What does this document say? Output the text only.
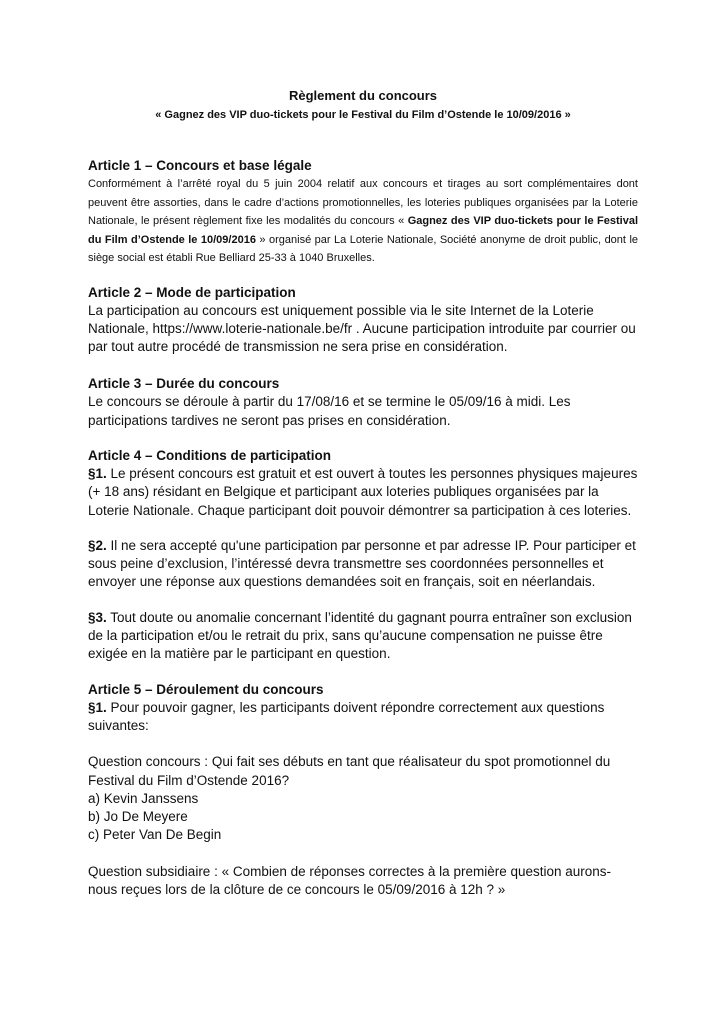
Règlement du concours

« Gagnez des VIP duo-tickets pour le Festival du Film d’Ostende le 10/09/2016 »

Article 1 – Concours et base légale

Conformément à l’arrêté royal du 5 juin 2004 relatif aux concours et tirages au sort complémentaires dont peuvent être assorties, dans le cadre d’actions promotionnelles, les loteries publiques organisées par la Loterie Nationale, le présent règlement fixe les modalités du concours « Gagnez des VIP duo-tickets pour le Festival du Film d’Ostende le 10/09/2016 » organisé par La Loterie Nationale, Société anonyme de droit public, dont le siège social est établi Rue Belliard 25-33 à 1040 Bruxelles.

Article 2 – Mode de participation

La participation au concours est uniquement possible via le site Internet de la Loterie Nationale, https://www.loterie-nationale.be/fr . Aucune participation introduite par courrier ou par tout autre procédé de transmission ne sera prise en considération.

Article 3 – Durée du concours

Le concours se déroule à partir du 17/08/16 et se termine le 05/09/16 à midi. Les participations tardives ne seront pas prises en considération.

Article 4 – Conditions de participation

§1. Le présent concours est gratuit et est ouvert à toutes les personnes physiques majeures (+ 18 ans) résidant en Belgique et participant aux loteries publiques organisées par la Loterie Nationale. Chaque participant doit pouvoir démontrer sa participation à ces loteries.

§2. Il ne sera accepté qu'une participation par personne et par adresse IP. Pour participer et sous peine d’exclusion, l’intéressé devra transmettre ses coordonnées personnelles et envoyer une réponse aux questions demandées soit en français, soit en néerlandais.

§3. Tout doute ou anomalie concernant l’identité du gagnant pourra entraîner son exclusion de la participation et/ou le retrait du prix, sans qu’aucune compensation ne puisse être exigée en la matière par le participant en question.

Article 5 – Déroulement du concours

§1. Pour pouvoir gagner, les participants doivent répondre correctement aux questions suivantes:

Question concours : Qui fait ses débuts en tant que réalisateur du spot promotionnel du Festival du Film d’Ostende 2016?

a) Kevin Janssens

b) Jo De Meyere

c) Peter Van De Begin

Question subsidiaire : « Combien de réponses correctes à la première question aurons-nous reçues lors de la clôture de ce concours le 05/09/2016 à 12h ? »
